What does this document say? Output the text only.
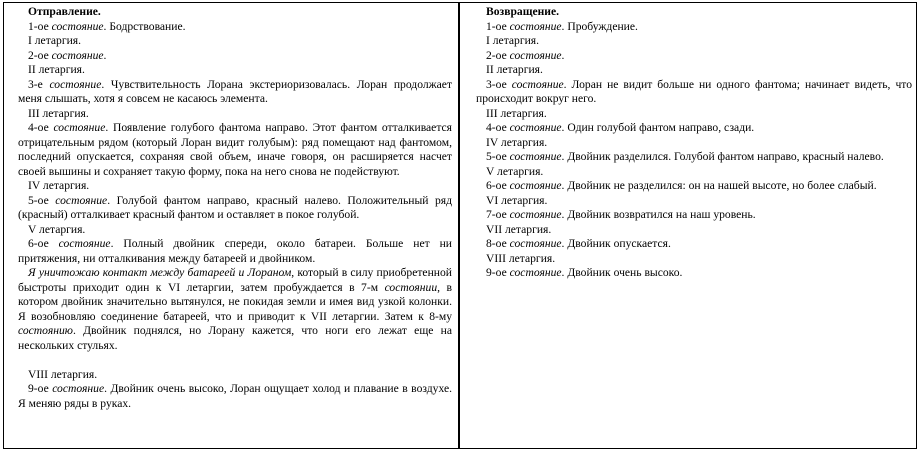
Отправление.
1-ое состояние. Бодрствование.
I летаргия.
2-ое состояние.
II летаргия.
3-е состояние. Чувствительность Лорана экстериоризовалась. Лоран продолжает меня слышать, хотя я совсем не касаюсь элемента.
III летаргия.
4-ое состояние. Появление голубого фантома направо. Этот фантом отталкивается отрицательным рядом (который Лоран видит голубым): ряд помещают над фантомом, последний опускается, сохраняя свой объем, иначе говоря, он расширяется насчет своей вышины и сохраняет такую форму, пока на него снова не подействуют.
IV летаргия.
5-ое состояние. Голубой фантом направо, красный налево. Положительный ряд (красный) отталкивает красный фантом и оставляет в покое голубой.
V летаргия.
6-ое состояние. Полный двойник спереди, около батареи. Больше нет ни притяжения, ни отталкивания между батареей и двойником.
Я уничтожаю контакт между батареей и Лораном, который в силу приобретенной быстроты приходит один к VI летаргии, затем пробуждается в 7-м состоянии, в котором двойник значительно вытянулся, не покидая земли и имея вид узкой колонки. Я возобновляю соединение батареей, что и приводит к VII летаргии. Затем к 8-му состоянию. Двойник поднялся, но Лорану кажется, что ноги его лежат еще на нескольких стульях.
VIII летаргия.
9-ое состояние. Двойник очень высоко, Лоран ощущает холод и плавание в воздухе. Я меняю ряды в руках.
Возвращение.
1-ое состояние. Пробуждение.
I летаргия.
2-ое состояние.
II летаргия.
3-ое состояние. Лоран не видит больше ни одного фантома; начинает видеть, что происходит вокруг него.
III летаргия.
4-ое состояние. Один голубой фантом направо, сзади.
IV летаргия.
5-ое состояние. Двойник разделился. Голубой фантом направо, красный налево.
V летаргия.
6-ое состояние. Двойник не разделился: он на нашей высоте, но более слабый.
VI летаргия.
7-ое состояние. Двойник возвратился на наш уровень.
VII летаргия.
8-ое состояние. Двойник опускается.
VIII летаргия.
9-ое состояние. Двойник очень высоко.
